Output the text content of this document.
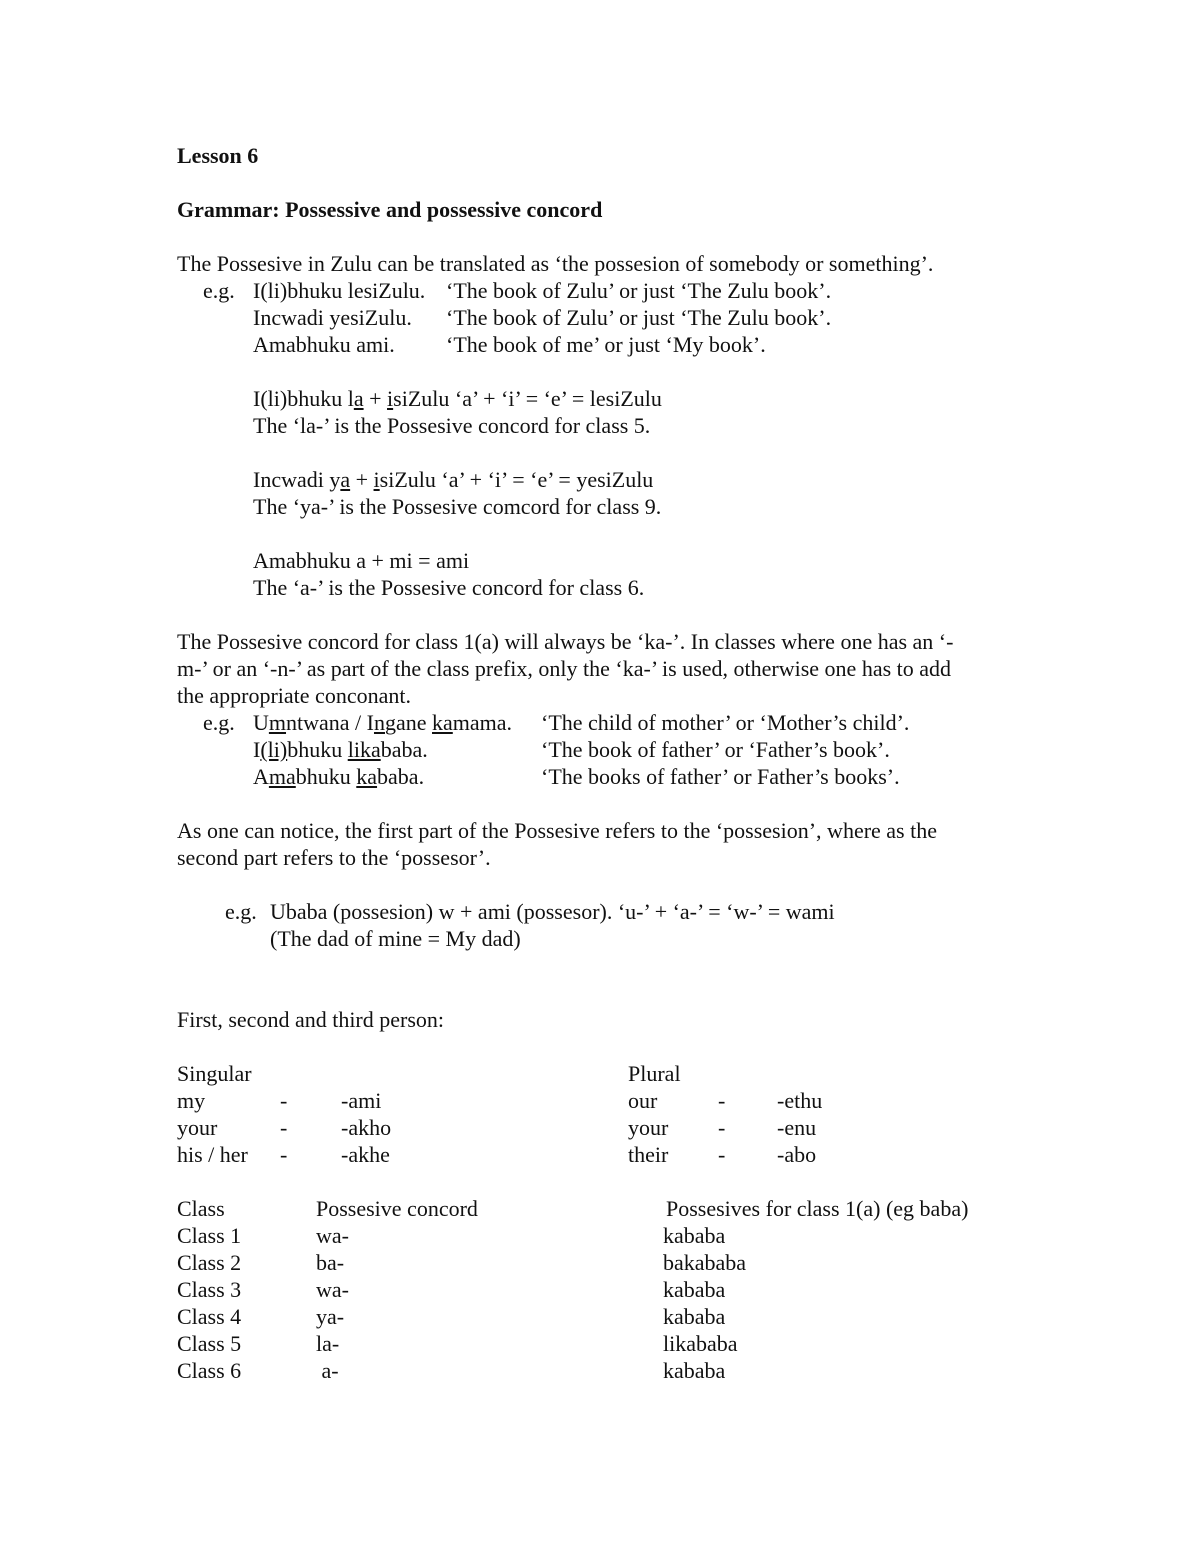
Lesson 6
Grammar: Possessive and possessive concord
The Possesive in Zulu can be translated as ‘the possesion of somebody or something’.
e.g. I(li)bhuku lesiZulu. ‘The book of Zulu’ or just ‘The Zulu book’.
Incwadi yesiZulu. ‘The book of Zulu’ or just ‘The Zulu book’.
Amabhuku ami. ‘The book of me’ or just ‘My book’.
I(li)bhuku la + isiZulu ‘a’ + ‘i’ = ‘e’ = lesiZulu
The ‘la-’ is the Possesive concord for class 5.
Incwadi ya + isiZulu ‘a’ + ‘i’ = ‘e’ = yesiZulu
The ‘ya-’ is the Possesive comcord for class 9.
Amabhuku a + mi = ami
The ‘a-’ is the Possesive concord for class 6.
The Possesive concord for class 1(a) will always be ‘ka-’. In classes where one has an ‘-
m-’ or an ‘-n-’ as part of the class prefix, only the ‘ka-’ is used, otherwise one has to add
the appropriate conconant.
e.g. Umntwana / Ingane kamama. ‘The child of mother’ or ‘Mother’s child’.
I(li)bhuku likababa.	‘The book of father’ or ‘Father’s book’.
Amabhuku kababa.	‘The books of father’ or Father’s books’.
As one can notice, the first part of the Possesive refers to the ‘possesion’, where as the
second part refers to the ‘possesor’.
e.g. Ubaba (possesion) w + ami (possesor). ‘u-’ + ‘a-’ = ‘w-’ = wami
(The dad of mine = My dad)
First, second and third person:
Singular	Plural
my	- -ami	our	- -ethu
your	- -akho	your - -enu
his / her - -akhe	their - -abo
Class	Possesive concord	Possesives for class 1(a) (eg baba)
Class 1	wa-	kababa
Class 2	ba-	bakababa
Class 3	wa-	kababa
Class 4	ya-	kababa
Class 5	la-	likababa
Class 6	a-	kababa
